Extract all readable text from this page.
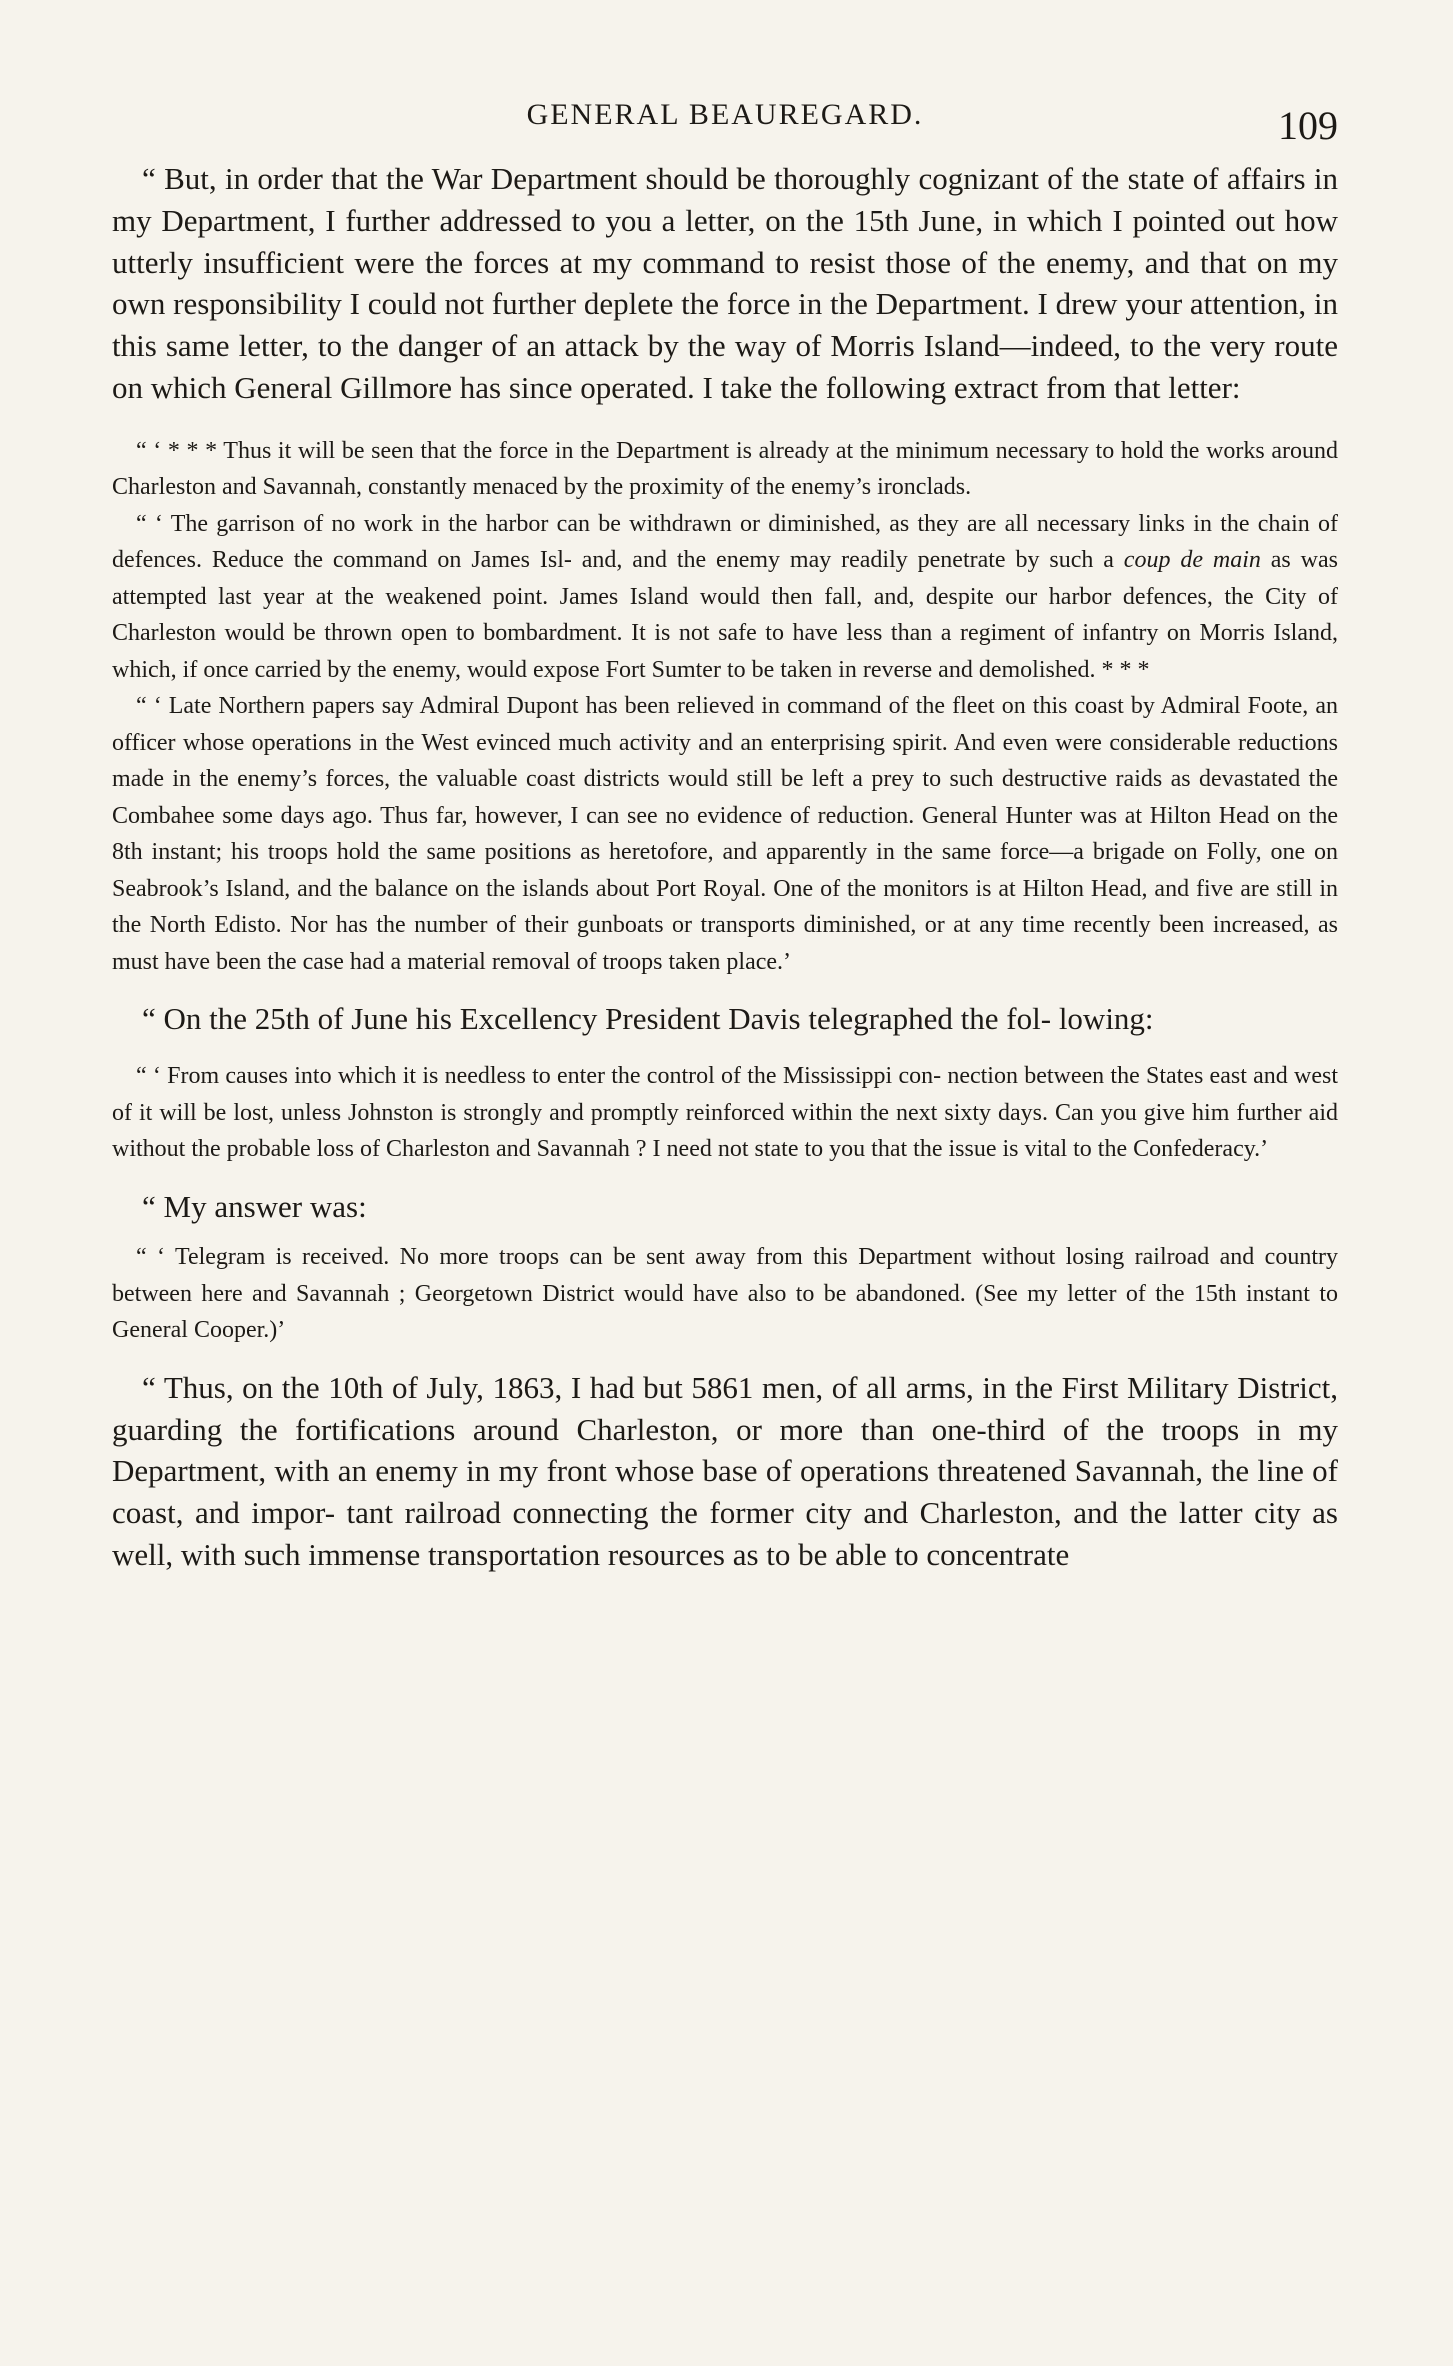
GENERAL BEAUREGARD.	109

“ But, in order that the War Department should be thoroughly cognizant of the state of affairs in my Department, I further addressed to you a letter, on the 15th June, in which I pointed out how utterly insufficient were the forces at my command to resist those of the enemy, and that on my own responsibility I could not further deplete the force in the Department. I drew your attention, in this same letter, to the danger of an attack by the way of Morris Island—indeed, to the very route on which General Gillmore has since operated. I take the following extract from that letter:

“ ‘ * * * Thus it will be seen that the force in the Department is already at the minimum necessary to hold the works around Charleston and Savannah, constantly menaced by the proximity of the enemy’s ironclads.

“ ‘ The garrison of no work in the harbor can be withdrawn or diminished, as they are all necessary links in the chain of defences. Reduce the command on James Isl- and, and the enemy may readily penetrate by such a coup de main as was attempted last year at the weakened point. James Island would then fall, and, despite our harbor defences, the City of Charleston would be thrown open to bombardment. It is not safe to have less than a regiment of infantry on Morris Island, which, if once carried by the enemy, would expose Fort Sumter to be taken in reverse and demolished. * * *

“ ‘ Late Northern papers say Admiral Dupont has been relieved in command of the fleet on this coast by Admiral Foote, an officer whose operations in the West evinced much activity and an enterprising spirit. And even were considerable reductions made in the enemy’s forces, the valuable coast districts would still be left a prey to such destructive raids as devastated the Combahee some days ago. Thus far, however, I can see no evidence of reduction. General Hunter was at Hilton Head on the 8th instant; his troops hold the same positions as heretofore, and apparently in the same force—a brigade on Folly, one on Seabrook’s Island, and the balance on the islands about Port Royal. One of the monitors is at Hilton Head, and five are still in the North Edisto. Nor has the number of their gunboats or transports diminished, or at any time recently been increased, as must have been the case had a material removal of troops taken place.’

“ On the 25th of June his Excellency President Davis telegraphed the fol- lowing:

“ ‘ From causes into which it is needless to enter the control of the Mississippi con- nection between the States east and west of it will be lost, unless Johnston is strongly and promptly reinforced within the next sixty days. Can you give him further aid without the probable loss of Charleston and Savannah ? I need not state to you that the issue is vital to the Confederacy.’

“ My answer was:

“ ‘ Telegram is received. No more troops can be sent away from this Department without losing railroad and country between here and Savannah ; Georgetown District would have also to be abandoned. (See my letter of the 15th instant to General Cooper.)’

“ Thus, on the 10th of July, 1863, I had but 5861 men, of all arms, in the First Military District, guarding the fortifications around Charleston, or more than one-third of the troops in my Department, with an enemy in my front whose base of operations threatened Savannah, the line of coast, and impor- tant railroad connecting the former city and Charleston, and the latter city as well, with such immense transportation resources as to be able to concentrate
